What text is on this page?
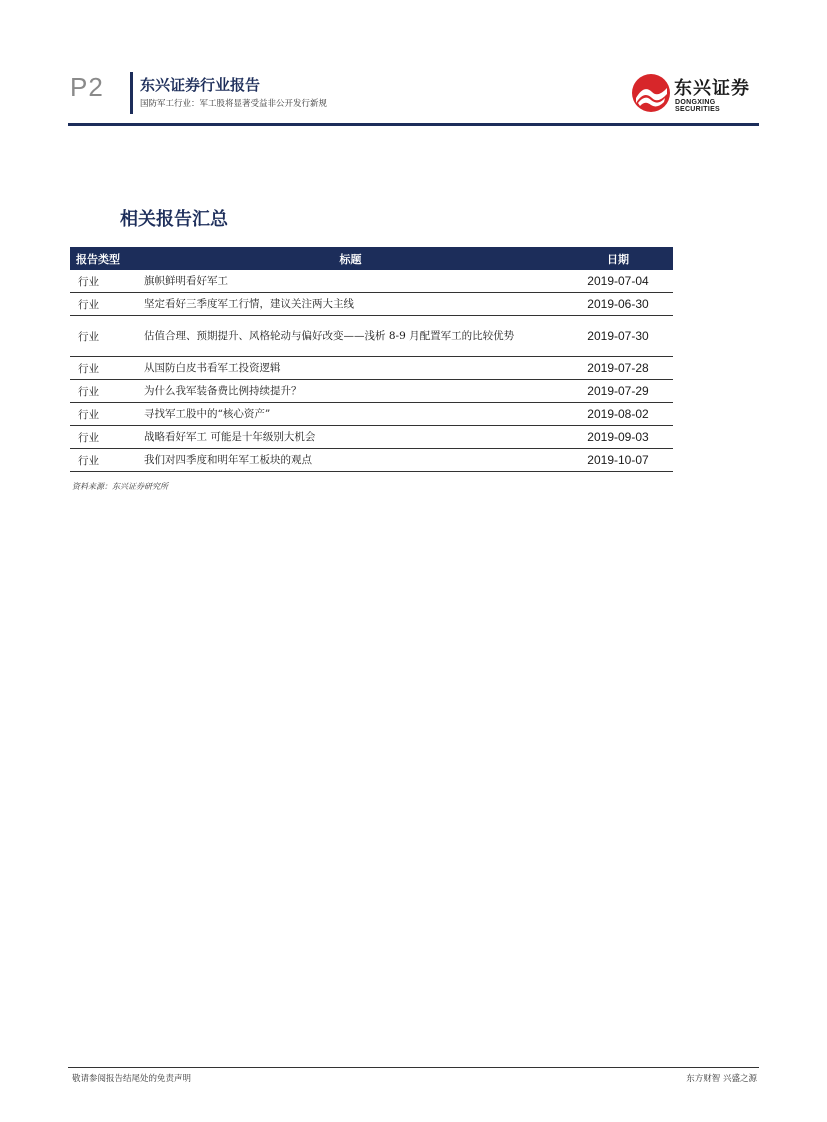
P2 东兴证券行业报告
国防军工行业：军工股将显著受益非公开发行新规
东兴证券
DONGXING SECURITIES
相关报告汇总
报告类型	标题	日期
行业	旗帜鲜明看好军工	2019-07-04
行业	坚定看好三季度军工行情，建议关注两大主线	2019-06-30
行业	估值合理、预期提升、风格轮动与偏好改变——浅析 8-9 月配置军工的比较优势	2019-07-30
行业	从国防白皮书看军工投资逻辑	2019-07-28
行业	为什么我军装备费比例持续提升？	2019-07-29
行业	寻找军工股中的“核心资产”	2019-08-02
行业	战略看好军工 可能是十年级别大机会	2019-09-03
行业	我们对四季度和明年军工板块的观点	2019-10-07
资料来源：东兴证券研究所
敬请参阅报告结尾处的免责声明	东方财智 兴盛之源
